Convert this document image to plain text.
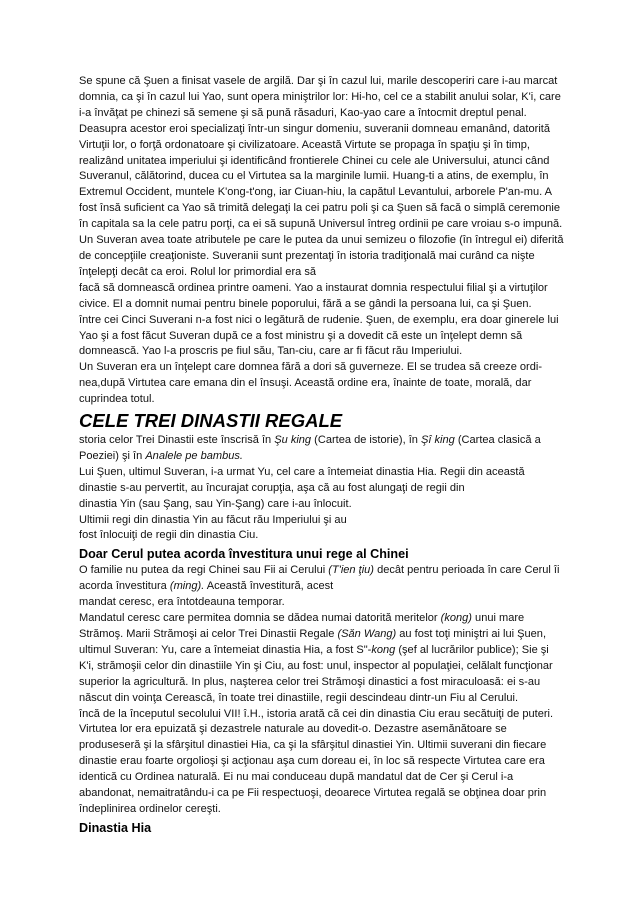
Se spune că Şuen a finisat vasele de argilă. Dar şi în cazul lui, marile descoperiri care i-au marcat domnia, ca şi în cazul lui Yao, sunt opera miniştrilor lor: Hi-ho, cel ce a stabilit anului solar, K'i, care i-a învăţat pe chinezi să semene şi să pună răsaduri, Kao-yao care a întocmit dreptul penal.

Deasupra acestor eroi specializaţi într-un singur domeniu, suveranii domneau emanând, datorită Virtuţii lor, o forţă ordonatoare şi civilizatoare. Această Virtute se propaga în spaţiu şi în timp, realizând unitatea imperiului şi identificând frontierele Chinei cu cele ale Universului, atunci când Suveranul, călătorind, ducea cu el Virtutea sa la marginile lumii. Huang-ti a atins, de exemplu, în Extremul Occident, muntele K'ong-t'ong, iar Ciuan-hiu, la capătul Levantului, arborele P'an-mu. A fost însă suficient ca Yao să trimită delegaţi la cei patru poli şi ca Şuen să facă o simplă ceremonie în capitala sa la cele patru porţi, ca ei să supună Universul întreg ordinii pe care vroiau s-o impună.

Un Suveran avea toate atributele pe care le putea da unui semizeu o filozofie (în întregul ei) diferită de concepţiile creaţioniste. Suveranii sunt prezentaţi în istoria tradiţională mai curând ca nişte înţelepţi decât ca eroi. Rolul lor primordial era să

facă să domnească ordinea printre oameni. Yao a instaurat domnia respectului filial şi a virtuţilor civice. El a domnit numai pentru binele poporului, fără a se gândi la persoana lui, ca şi Şuen.

între cei Cinci Suverani n-a fost nici o legătură de rudenie. Şuen, de exemplu, era doar ginerele lui Yao şi a fost făcut Suveran după ce a fost ministru şi a dovedit că este un înţelept demn să domnească. Yao l-a proscris pe fiul său, Tan-ciu, care ar fi făcut rău Imperiului.

Un Suveran era un înţelept care domnea fără a dori să guverneze. El se trudea să creeze ordi-nea,după Virtutea care emana din el însuşi. Această ordine era, înainte de toate, morală, dar cuprindea totul.

CELE TREI DINASTII REGALE

storia celor Trei Dinastii este înscrisă în Şu king (Cartea de istorie), în Şî king (Cartea clasică a Poeziei) şi în Analele pe bambus.

Lui Şuen, ultimul Suveran, i-a urmat Yu, cel care a întemeiat dinastia Hia. Regii din această dinastie s-au pervertit, au încurajat corupţia, aşa că au fost alungaţi de regii din

dinastia Yin (sau Şang, sau Yin-Şang) care i-au înlocuit.

Ultimii regi din dinastia Yin au făcut rău Imperiului şi au

fost înlocuiţi de regii din dinastia Ciu.

Doar Cerul putea acorda învestitura unui rege al Chinei

O familie nu putea da regi Chinei sau Fii ai Cerului (T'ien ţiu) decât pentru perioada în care Cerul îi acorda învestitura (ming). Această învestitură, acest

mandat ceresc, era întotdeauna temporar.

Mandatul ceresc care permitea domnia se dădea numai datorită meritelor (kong) unui mare Strămoş. Marii Strămoşi ai celor Trei Dinastii Regale (Săn Wang) au fost toţi miniştri ai lui Şuen, ultimul Suveran: Yu, care a întemeiat dinastia Hia, a fost S"-kong (şef al lucrărilor publice); Sie şi K'i, strămoşii celor din dinastiile Yin şi Ciu, au fost: unul, inspector al populaţiei, celălalt funcţionar superior la agricultură. In plus, naşterea celor trei Strămoşi dinastici a fost miraculoasă: ei s-au născut din voinţa Cerească, în toate trei dinastiile, regii descindeau dintr-un Fiu al Cerului.

încă de la începutul secolului VII! î.H., istoria arată că cei din dinastia Ciu erau secătuiţi de puteri. Virtutea lor era epuizată şi dezastrele naturale au dovedit-o. Dezastre asemănătoare se produseseră şi la sfârşitul dinastiei Hia, ca şi la sfârşitul dinastiei Yin. Ultimii suverani din fiecare dinastie erau foarte orgolioşi şi acţionau aşa cum doreau ei, în loc să respecte Virtutea care era identică cu Ordinea naturală. Ei nu mai conduceau după mandatul dat de Cer şi Cerul i-a abandonat, nemaitratându-i ca pe Fii respectuoşi, deoarece Virtutea regală se obţinea doar prin îndeplinirea ordinelor cereşti.

Dinastia Hia
